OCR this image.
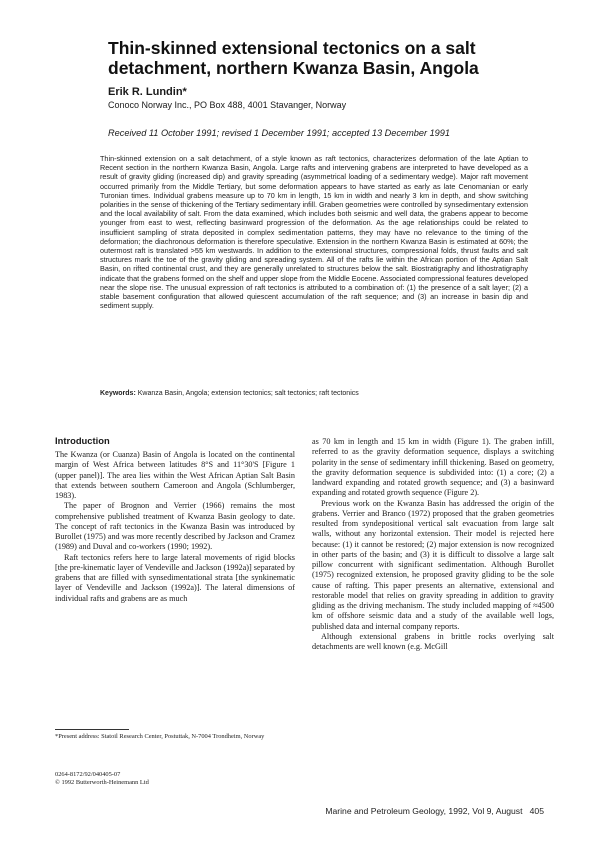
Thin-skinned extensional tectonics on a salt detachment, northern Kwanza Basin, Angola

Erik R. Lundin*

Conoco Norway Inc., PO Box 488, 4001 Stavanger, Norway

Received 11 October 1991; revised 1 December 1991; accepted 13 December 1991

Thin-skinned extension on a salt detachment, of a style known as raft tectonics, characterizes deformation of the late Aptian to Recent section in the northern Kwanza Basin, Angola. Large rafts and intervening grabens are interpreted to have developed as a result of gravity gliding (increased dip) and gravity spreading (asymmetrical loading of a sedimentary wedge). Major raft movement occurred primarily from the Middle Tertiary, but some deformation appears to have started as early as late Cenomanian or early Turonian times. Individual grabens measure up to 70 km in length, 15 km in width and nearly 3 km in depth, and show switching polarities in the sense of thickening of the Tertiary sedimentary infill. Graben geometries were controlled by synsedimentary extension and the local availability of salt. From the data examined, which includes both seismic and well data, the grabens appear to become younger from east to west, reflecting basinward progression of the deformation. As the age relationships could be related to insufficient sampling of strata deposited in complex sedimentation patterns, they may have no relevance to the timing of the deformation; the diachronous deformation is therefore speculative. Extension in the northern Kwanza Basin is estimated at 60%; the outermost raft is translated >55 km westwards. In addition to the extensional structures, compressional folds, thrust faults and salt structures mark the toe of the gravity gliding and spreading system. All of the rafts lie within the African portion of the Aptian Salt Basin, on rifted continental crust, and they are generally unrelated to structures below the salt. Biostratigraphy and lithostratigraphy indicate that the grabens formed on the shelf and upper slope from the Middle Eocene. Associated compressional features developed near the slope rise. The unusual expression of raft tectonics is attributed to a combination of: (1) the presence of a salt layer; (2) a stable basement configuration that allowed quiescent accumulation of the raft sequence; and (3) an increase in basin dip and sediment supply.

Keywords: Kwanza Basin, Angola; extension tectonics; salt tectonics; raft tectonics

Introduction

The Kwanza (or Cuanza) Basin of Angola is located on the continental margin of West Africa between latitudes 8°S and 11°30'S [Figure 1 (upper panel)]. The area lies within the West African Aptian Salt Basin that extends between southern Cameroon and Angola (Schlumberger, 1983).

The paper of Brognon and Verrier (1966) remains the most comprehensive published treatment of Kwanza Basin geology to date. The concept of raft tectonics in the Kwanza Basin was introduced by Burollet (1975) and was more recently described by Jackson and Cramez (1989) and Duval and co-workers (1990; 1992).

Raft tectonics refers here to large lateral movements of rigid blocks [the pre-kinematic layer of Vendeville and Jackson (1992a)] separated by grabens that are filled with synsedimentational strata [the synkinematic layer of Vendeville and Jackson (1992a)]. The lateral dimensions of individual rafts and grabens are as much

*Present address: Statoil Research Center, Postuttak, N-7004 Trondheim, Norway

0264-8172/92/040405-07
© 1992 Butterworth-Heinemann Ltd

as 70 km in length and 15 km in width (Figure 1). The graben infill, referred to as the gravity deformation sequence, displays a switching polarity in the sense of sedimentary infill thickening. Based on geometry, the gravity deformation sequence is subdivided into: (1) a core; (2) a landward expanding and rotated growth sequence; and (3) a basinward expanding and rotated growth sequence (Figure 2).

Previous work on the Kwanza Basin has addressed the origin of the grabens. Verrier and Branco (1972) proposed that the graben geometries resulted from syndepositional vertical salt evacuation from large salt walls, without any horizontal extension. Their model is rejected here because: (1) it cannot be restored; (2) major extension is now recognized in other parts of the basin; and (3) it is difficult to dissolve a large salt pillow concurrent with significant sedimentation. Although Burollet (1975) recognized extension, he proposed gravity gliding to be the sole cause of rafting. This paper presents an alternative, extensional and restorable model that relies on gravity spreading in addition to gravity gliding as the driving mechanism. The study included mapping of ≈4500 km of offshore seismic data and a study of the available well logs, published data and internal company reports.

Although extensional grabens in brittle rocks overlying salt detachments are well known (e.g. McGill

Marine and Petroleum Geology, 1992, Vol 9, August 405
